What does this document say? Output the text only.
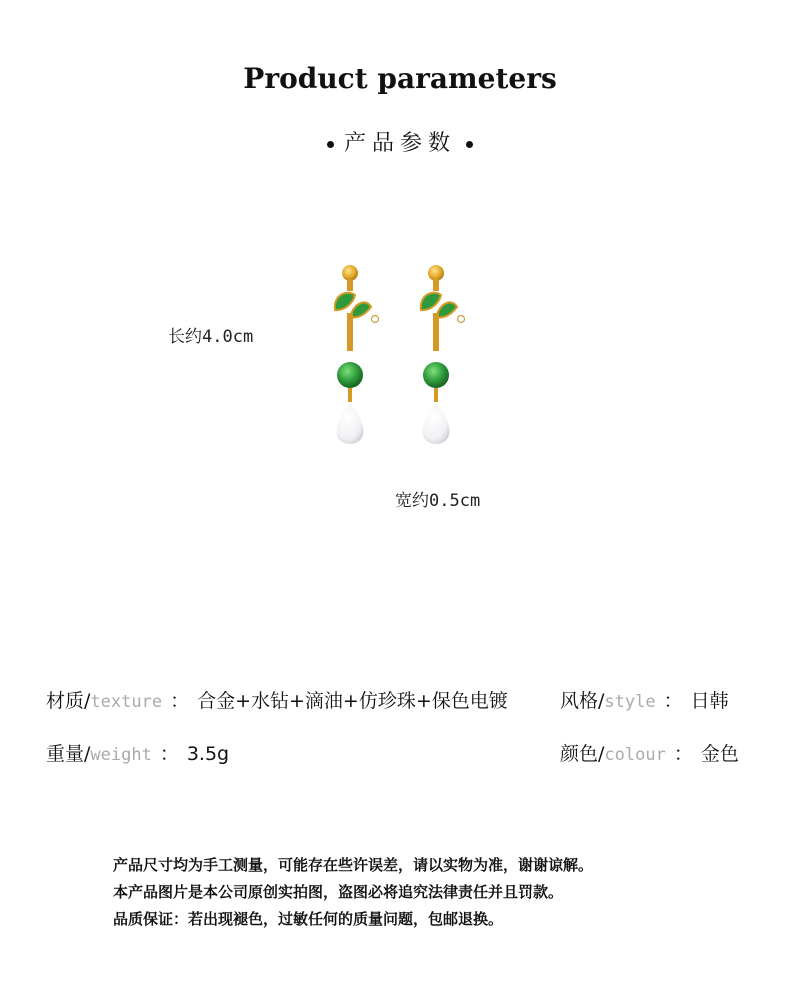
Product parameters
产品参数
长约4.0cm
宽约0.5cm
材质/texture ： 合金+水钻+滴油+仿珍珠+保色电镀	风格/style ： 日韩
重量/weight ： 3.5g	颜色/colour ： 金色
产品尺寸均为手工测量，可能存在些许误差，请以实物为准，谢谢谅解。
本产品图片是本公司原创实拍图，盗图必将追究法律责任并且罚款。
品质保证：若出现褪色，过敏任何的质量问题，包邮退换。
